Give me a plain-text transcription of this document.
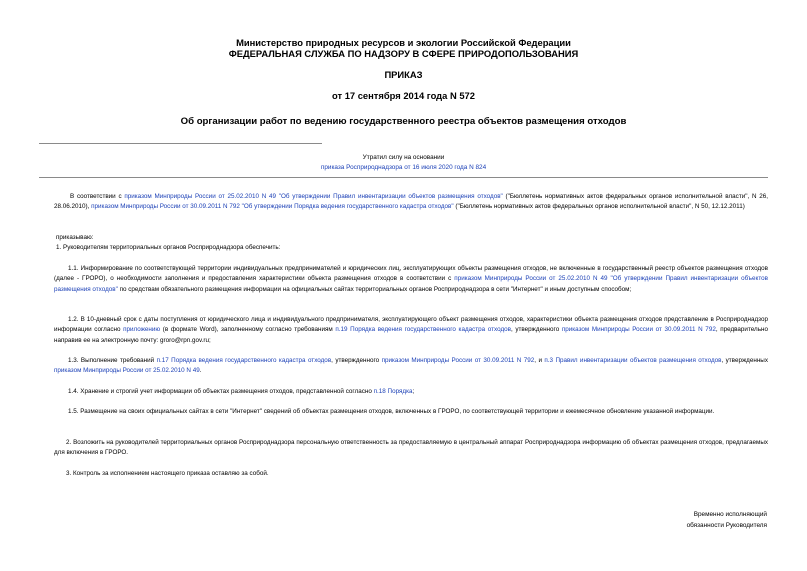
Министерство природных ресурсов и экологии Российской Федерации
ФЕДЕРАЛЬНАЯ СЛУЖБА ПО НАДЗОРУ В СФЕРЕ ПРИРОДОПОЛЬЗОВАНИЯ
ПРИКАЗ
от 17 сентября 2014 года N 572
Об организации работ по ведению государственного реестра объектов размещения отходов
Утратил силу на основании
приказа Росприроднадзора от 16 июля 2020 года N 824
В соответствии с приказом Минприроды России от 25.02.2010 N 49 "Об утверждении Правил инвентаризации объектов размещения отходов" ("Бюллетень нормативных актов федеральных органов исполнительной власти", N 26, 28.06.2010), приказом Минприроды России от 30.09.2011 N 792 "Об утверждении Порядка ведения государственного кадастра отходов" ("Бюллетень нормативных актов федеральных органов исполнительной власти", N 50, 12.12.2011)
приказываю:
1. Руководителям территориальных органов Росприроднадзора обеспечить:
1.1. Информирование по соответствующей территории индивидуальных предпринимателей и юридических лиц, эксплуатирующих объекты размещения отходов, не включенные в государственный реестр объектов размещения отходов (далее - ГРОРО), о необходимости заполнения и предоставления характеристики объекта размещения отходов в соответствии с приказом Минприроды России от 25.02.2010 N 49 "Об утверждении Правил инвентаризации объектов размещения отходов" по средствам обязательного размещения информации на официальных сайтах территориальных органов Росприроднадзора в сети "Интернет" и иным доступным способом;
1.2. В 10-дневный срок с даты поступления от юридического лица и индивидуального предпринимателя, эксплуатирующего объект размещения отходов, характеристики объекта размещения отходов представление в Росприроднадзор информации согласно приложению (в формате Word), заполненному согласно требованиям п.19 Порядка ведения государственного кадастра отходов, утвержденного приказом Минприроды России от 30.09.2011 N 792, предварительно направив ее на электронную почту: groro@rpn.gov.ru;
1.3. Выполнение требований п.17 Порядка ведения государственного кадастра отходов, утвержденного приказом Минприроды России от 30.09.2011 N 792, и п.3 Правил инвентаризации объектов размещения отходов, утвержденных приказом Минприроды России от 25.02.2010 N 49.
1.4. Хранение и строгий учет информации об объектах размещения отходов, представленной согласно п.18 Порядка;
1.5. Размещение на своих официальных сайтах в сети "Интернет" сведений об объектах размещения отходов, включенных в ГРОРО, по соответствующей территории и ежемесячное обновление указанной информации.
2. Возложить на руководителей территориальных органов Росприроднадзора персональную ответственность за предоставляемую в центральный аппарат Росприроднадзора информацию об объектах размещения отходов, предлагаемых для включения в ГРОРО.
3. Контроль за исполнением настоящего приказа оставляю за собой.
Временно исполняющий
обязанности Руководителя
